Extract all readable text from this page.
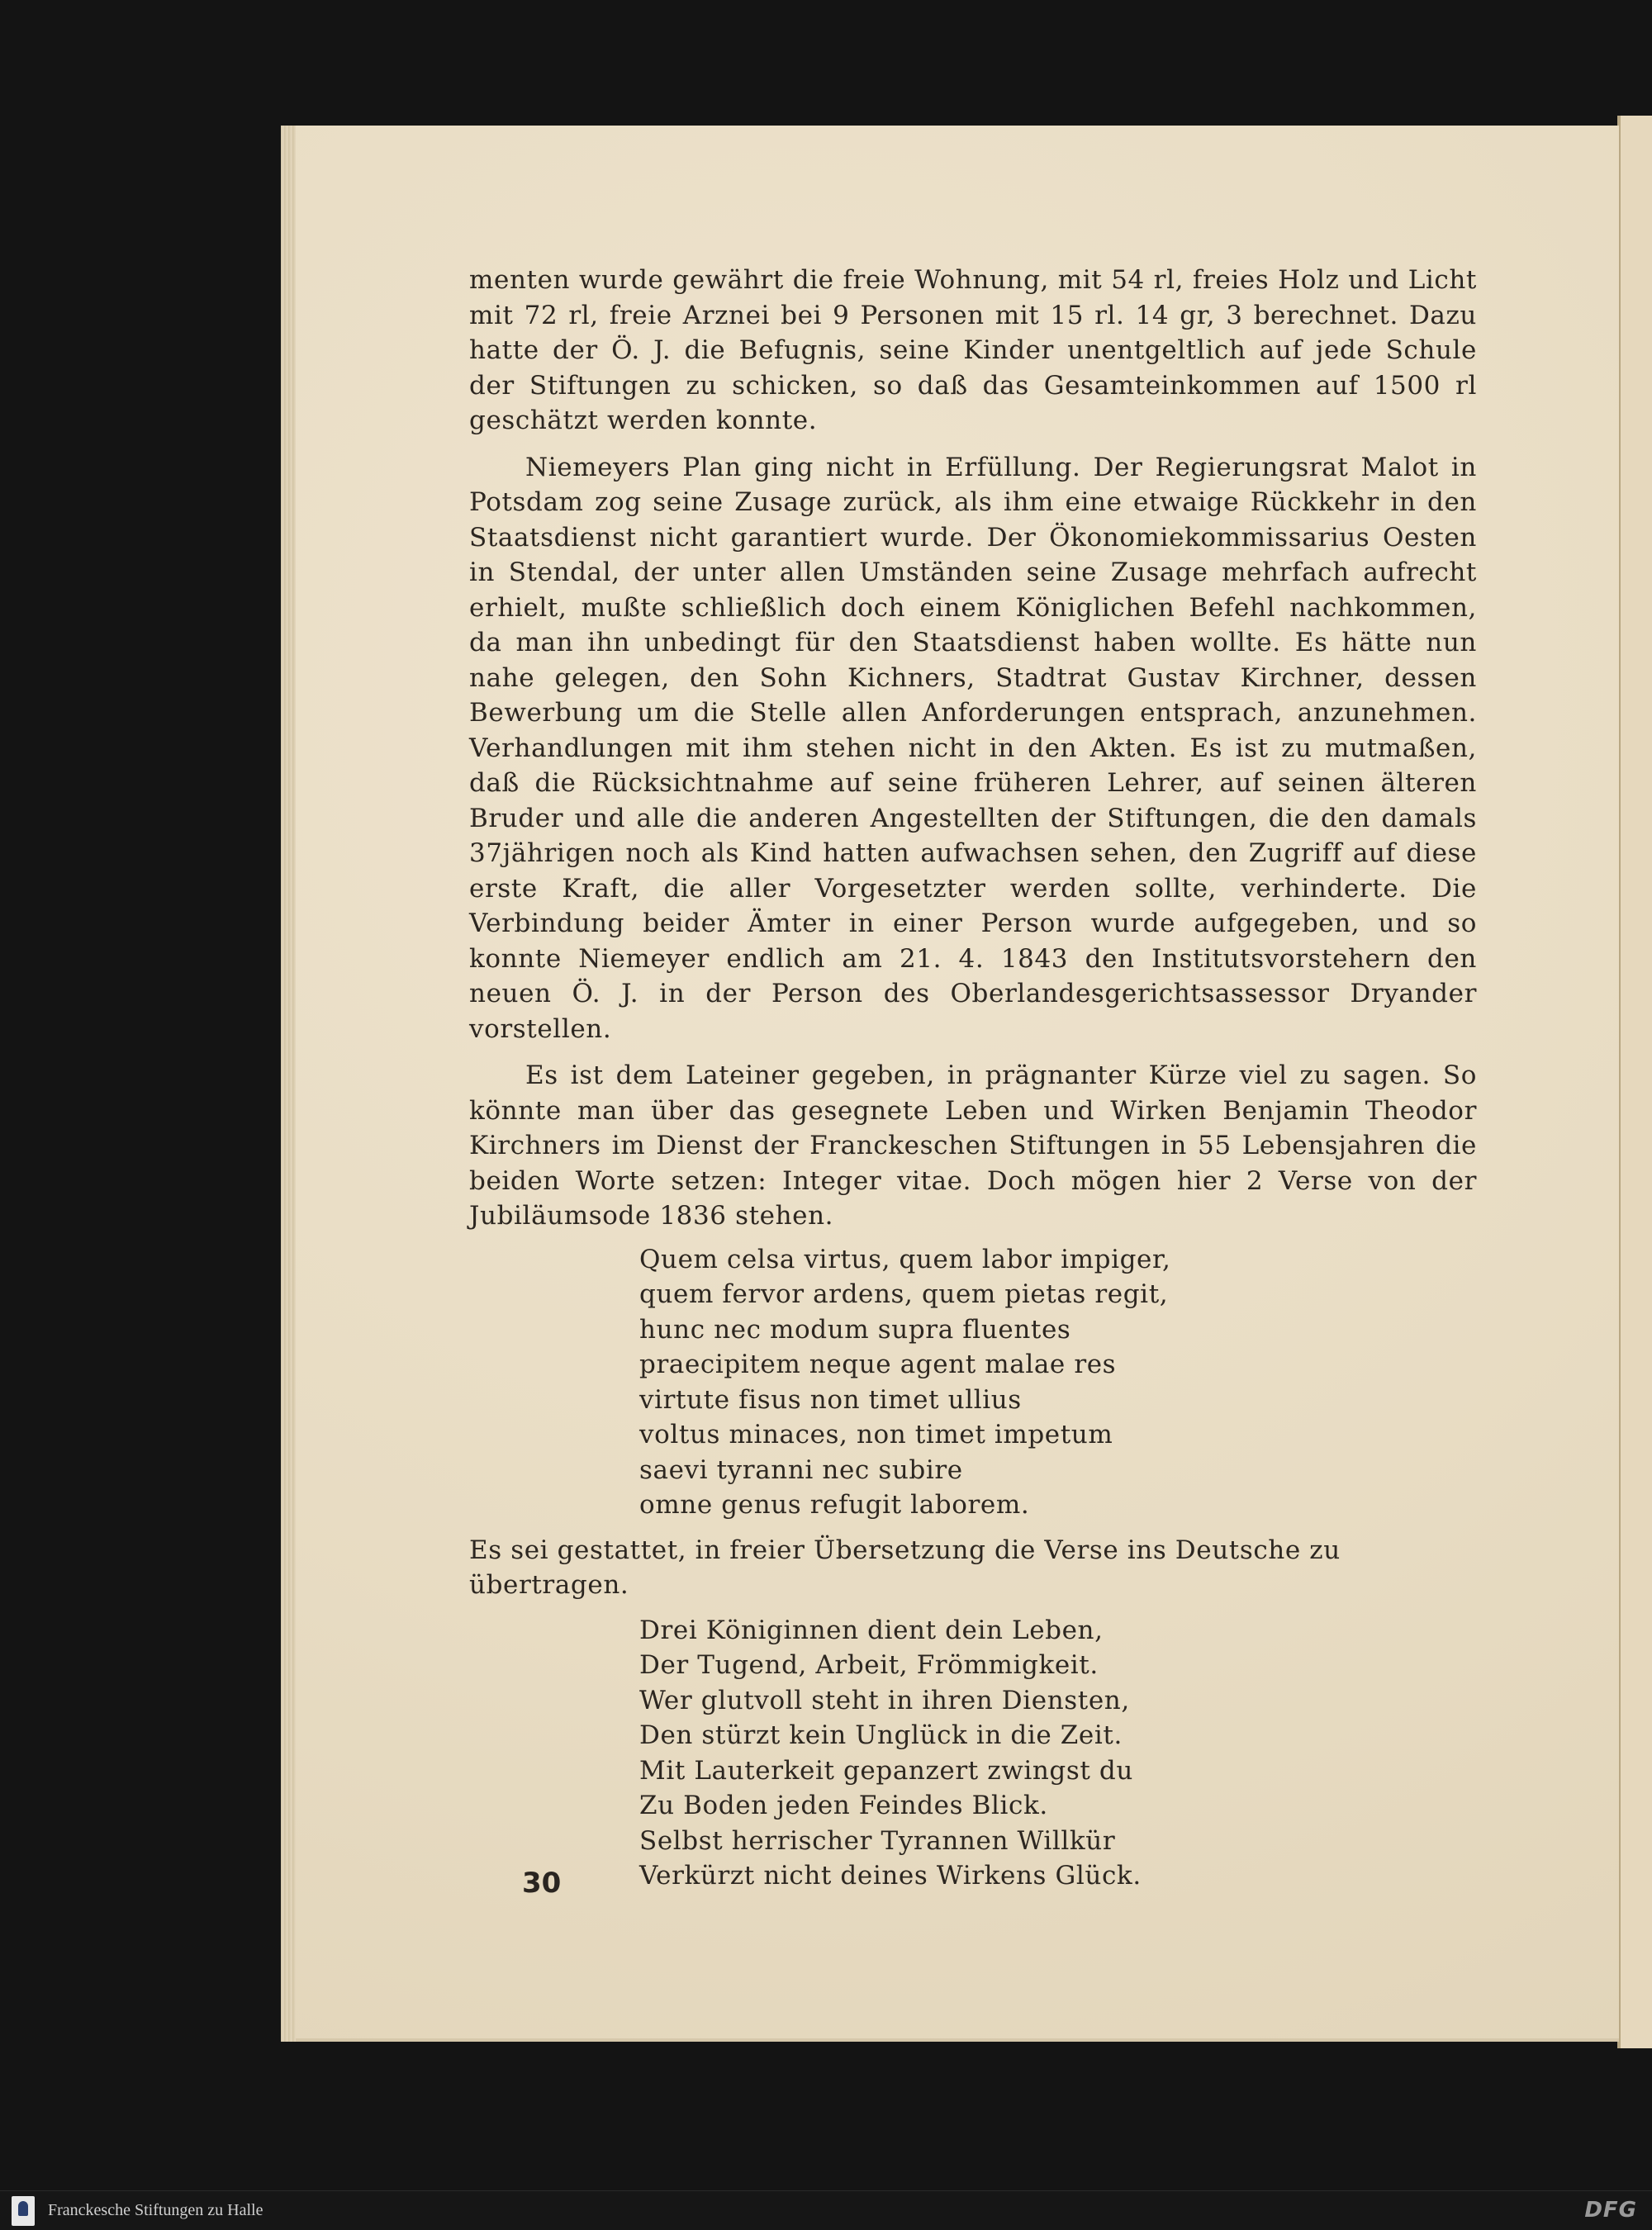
menten wurde gewährt die freie Wohnung, mit 54 rl, freies Holz und Licht mit 72 rl, freie Arznei bei 9 Personen mit 15 rl. 14 gr, 3 berechnet. Dazu hatte der Ö. J. die Befugnis, seine Kinder unentgeltlich auf jede Schule der Stiftungen zu schicken, so daß das Gesamteinkommen auf 1500 rl geschätzt werden konnte.

Niemeyers Plan ging nicht in Erfüllung. Der Regierungsrat Malot in Potsdam zog seine Zusage zurück, als ihm eine etwaige Rückkehr in den Staatsdienst nicht garantiert wurde. Der Ökonomiekommissarius Oesten in Stendal, der unter allen Umständen seine Zusage mehrfach aufrecht erhielt, mußte schließlich doch einem Königlichen Befehl nachkommen, da man ihn unbedingt für den Staatsdienst haben wollte. Es hätte nun nahe gelegen, den Sohn Kichners, Stadtrat Gustav Kirchner, dessen Bewerbung um die Stelle allen Anforderungen entsprach, anzunehmen. Verhandlungen mit ihm stehen nicht in den Akten. Es ist zu mutmaßen, daß die Rücksichtnahme auf seine früheren Lehrer, auf seinen älteren Bruder und alle die anderen Angestellten der Stiftungen, die den damals 37jährigen noch als Kind hatten aufwachsen sehen, den Zugriff auf diese erste Kraft, die aller Vorgesetzter werden sollte, verhinderte. Die Verbindung beider Ämter in einer Person wurde aufgegeben, und so konnte Niemeyer endlich am 21. 4. 1843 den Institutsvorstehern den neuen Ö. J. in der Person des Oberlandesgerichtsassessor Dryander vorstellen.

Es ist dem Lateiner gegeben, in prägnanter Kürze viel zu sagen. So könnte man über das gesegnete Leben und Wirken Benjamin Theodor Kirchners im Dienst der Franckeschen Stiftungen in 55 Lebensjahren die beiden Worte setzen: Integer vitae. Doch mögen hier 2 Verse von der Jubiläumsode 1836 stehen.

Quem celsa virtus, quem labor impiger,
quem fervor ardens, quem pietas regit,
hunc nec modum supra fluentes
praecipitem neque agent malae res
virtute fisus non timet ullius
voltus minaces, non timet impetum
saevi tyranni nec subire
omne genus refugit laborem.

Es sei gestattet, in freier Übersetzung die Verse ins Deutsche zu übertragen.

Drei Königinnen dient dein Leben,
Der Tugend, Arbeit, Frömmigkeit.
Wer glutvoll steht in ihren Diensten,
Den stürzt kein Unglück in die Zeit.
Mit Lauterkeit gepanzert zwingst du
Zu Boden jeden Feindes Blick.
Selbst herrischer Tyrannen Willkür
Verkürzt nicht deines Wirkens Glück.
30
Franckesche Stiftungen zu Halle	DFG
